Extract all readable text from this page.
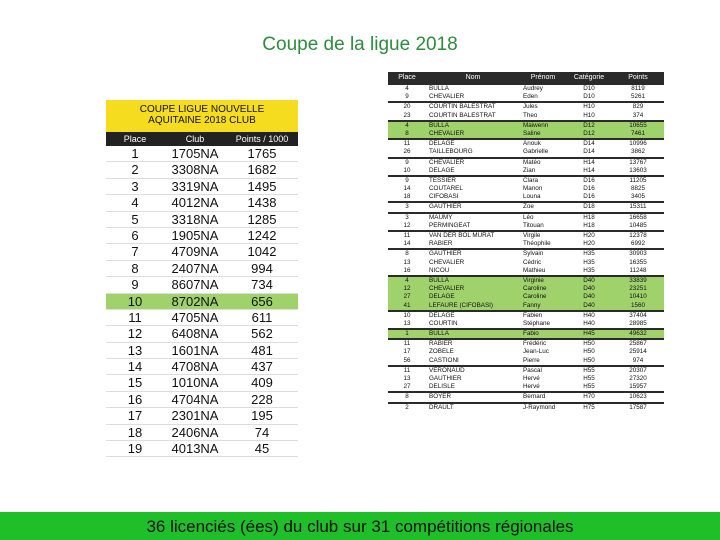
Coupe de la ligue 2018
COUPE LIGUE NOUVELLE
AQUITAINE 2018 CLUB
Place	Club	Points / 1000
1	1705NA	1765
2	3308NA	1682
3	3319NA	1495
4	4012NA	1438
5	3318NA	1285
6	1905NA	1242
7	4709NA	1042
8	2407NA	994
9	8607NA	734
10	8702NA	656
11	4705NA	611
12	6408NA	562
13	1601NA	481
14	4708NA	437
15	1010NA	409
16	4704NA	228
17	2301NA	195
18	2406NA	74
19	4013NA	45
Place	Nom	Prénom	Catégorie	Points
4	BULLA	Audrey	D10	8119
9	CHEVALIER	Eden	D10	5261
20	COURTIN BALESTRAT	Jules	H10	829
23	COURTIN BALESTRAT	Theo	H10	374
4	BULLA	Maiwenn	D12	10655
8	CHEVALIER	Saline	D12	7461
11	DELAGE	Anouk	D14	10996
26	TAILLEBOURG	Gabrielle	D14	3862
9	CHEVALIER	Matéo	H14	13767
10	DELAGE	Zian	H14	13603
9	TESSIER	Clara	D16	11205
14	COUTAREL	Manon	D16	8825
18	CIFOBASI	Louna	D16	3405
3	GAUTHIER	Zoe	D18	15311
3	MAUMY	Léo	H18	16658
12	PERMINGEAT	Titouan	H18	10485
11	VAN DER BOL MURAT	Virgile	H20	12378
14	RABIER	Théophile	H20	6992
8	GAUTHIER	Sylvain	H35	30903
13	CHEVALIER	Cédric	H35	16355
16	NICOU	Mathieu	H35	11248
4	BULLA	Virginie	D40	33839
12	CHEVALIER	Caroline	D40	23251
27	DELAGE	Caroline	D40	10410
41	LEFAURE (CIFOBASI)	Fanny	D40	1560
10	DELAGE	Fabien	H40	37404
13	COURTIN	Stéphane	H40	28985
1	BULLA	Fabio	H45	49632
11	RABIER	Frédéric	H50	25867
17	ZOBELE	Jean-Luc	H50	25914
56	CASTIONI	Pierre	H50	974
11	VERONAUD	Pascal	H55	20307
13	GAUTHIER	Hervé	H55	27320
27	DELISLE	Hervé	H55	15957
8	BOYER	Bernard	H70	10623
2	DRAULT	J-Raymond	H75	17587
36 licenciés (ées) du club sur 31 compétitions régionales
